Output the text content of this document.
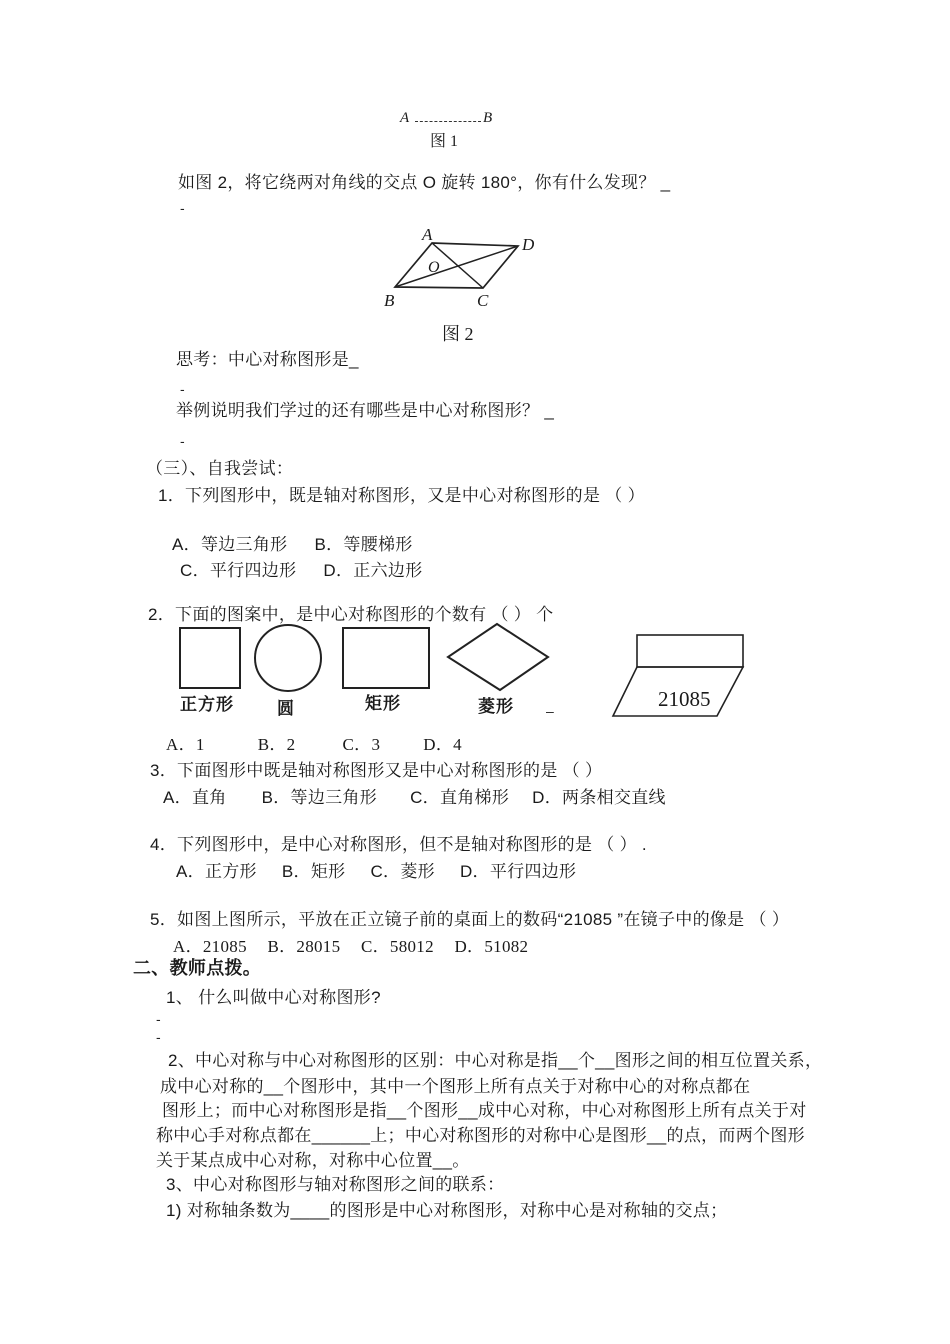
A	B
图 1
如图 2，将它绕两对角线的交点 O 旋转 180°，你有什么发现？ _
-
A
D
B	C
O
图 2
思考：中心对称图形是_
-
举例说明我们学过的还有哪些是中心对称图形？ _
-
（三）、自我尝试：
1．下列图形中，既是轴对称图形，又是中心对称图形的是 （ ）
A．等边三角形 B．等腰梯形
C．平行四边形 D．正六边形
2．下面的图案中，是中心对称图形的个数有 （ ） 个
21085
正方形	圆	矩形	菱形 –
A．1	B．2	C．3	D．4
3．下面图形中既是轴对称图形又是中心对称图形的是 （ ）
A．直角 B．等边三角形 C．直角梯形 D．两条相交直线
4．下列图形中，是中心对称图形，但不是轴对称图形的是 （ ） .
A．正方形 B．矩形 C．菱形 D．平行四边形
5．如图上图所示，平放在正立镜子前的桌面上的数码“21085 ”在镜子中的像是 （ ）
A．21085 B．28015 C．58012 D．51082
二、教师点拨。
1、 什么叫做中心对称图形?
-
-
2、中心对称与中心对称图形的区别：中心对称是指__个__图形之间的相互位置关系，
成中心对称的__个图形中，其中一个图形上所有点关于对称中心的对称点都在
图形上；而中心对称图形是指__个图形__成中心对称，中心对称图形上所有点关于对
称中心手对称点都在______上；中心对称图形的对称中心是图形__的点，而两个图形
关于某点成中心对称，对称中心位置__。
3、中心对称图形与轴对称图形之间的联系：
1) 对称轴条数为____的图形是中心对称图形，对称中心是对称轴的交点；
